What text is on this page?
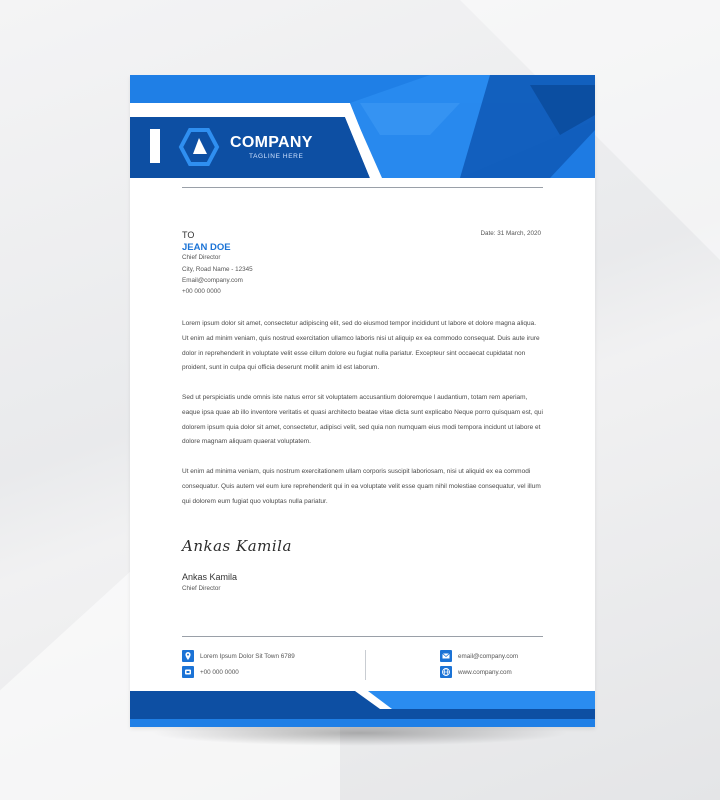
COMPANY
TAGLINE HERE
TO
JEAN DOE
Chief Director
City, Road Name - 12345
Email@company.com
+00 000 0000
Date: 31 March, 2020

Lorem ipsum dolor sit amet, consectetur adipiscing elit, sed do eiusmod tempor incididunt ut labore et dolore magna aliqua. Ut enim ad minim veniam, quis nostrud exercitation ullamco laboris nisi ut aliquip ex ea commodo consequat. Duis aute irure dolor in reprehenderit in voluptate velit esse cillum dolore eu fugiat nulla pariatur. Excepteur sint occaecat cupidatat non proident, sunt in culpa qui officia deserunt mollit anim id est laborum.

Sed ut perspiciatis unde omnis iste natus error sit voluptatem accusantium doloremque l audantium, totam rem aperiam, eaque ipsa quae ab illo inventore veritatis et quasi architecto beatae vitae dicta sunt explicabo Neque porro quisquam est, qui dolorem ipsum quia dolor sit amet, consectetur, adipisci velit, sed quia non numquam eius modi tempora incidunt ut labore et dolore magnam aliquam quaerat voluptatem.

Ut enim ad minima veniam, quis nostrum exercitationem ullam corporis suscipit laboriosam, nisi ut aliquid ex ea commodi consequatur. Quis autem vel eum iure reprehenderit qui in ea voluptate velit esse quam nihil molestiae consequatur, vel illum qui dolorem eum fugiat quo voluptas nulla pariatur.

Ankas Kamila
Ankas Kamila
Chief Director
Lorem Ipsum Dolor Sit Town 6789
+00 000 0000
email@company.com
www.company.com
